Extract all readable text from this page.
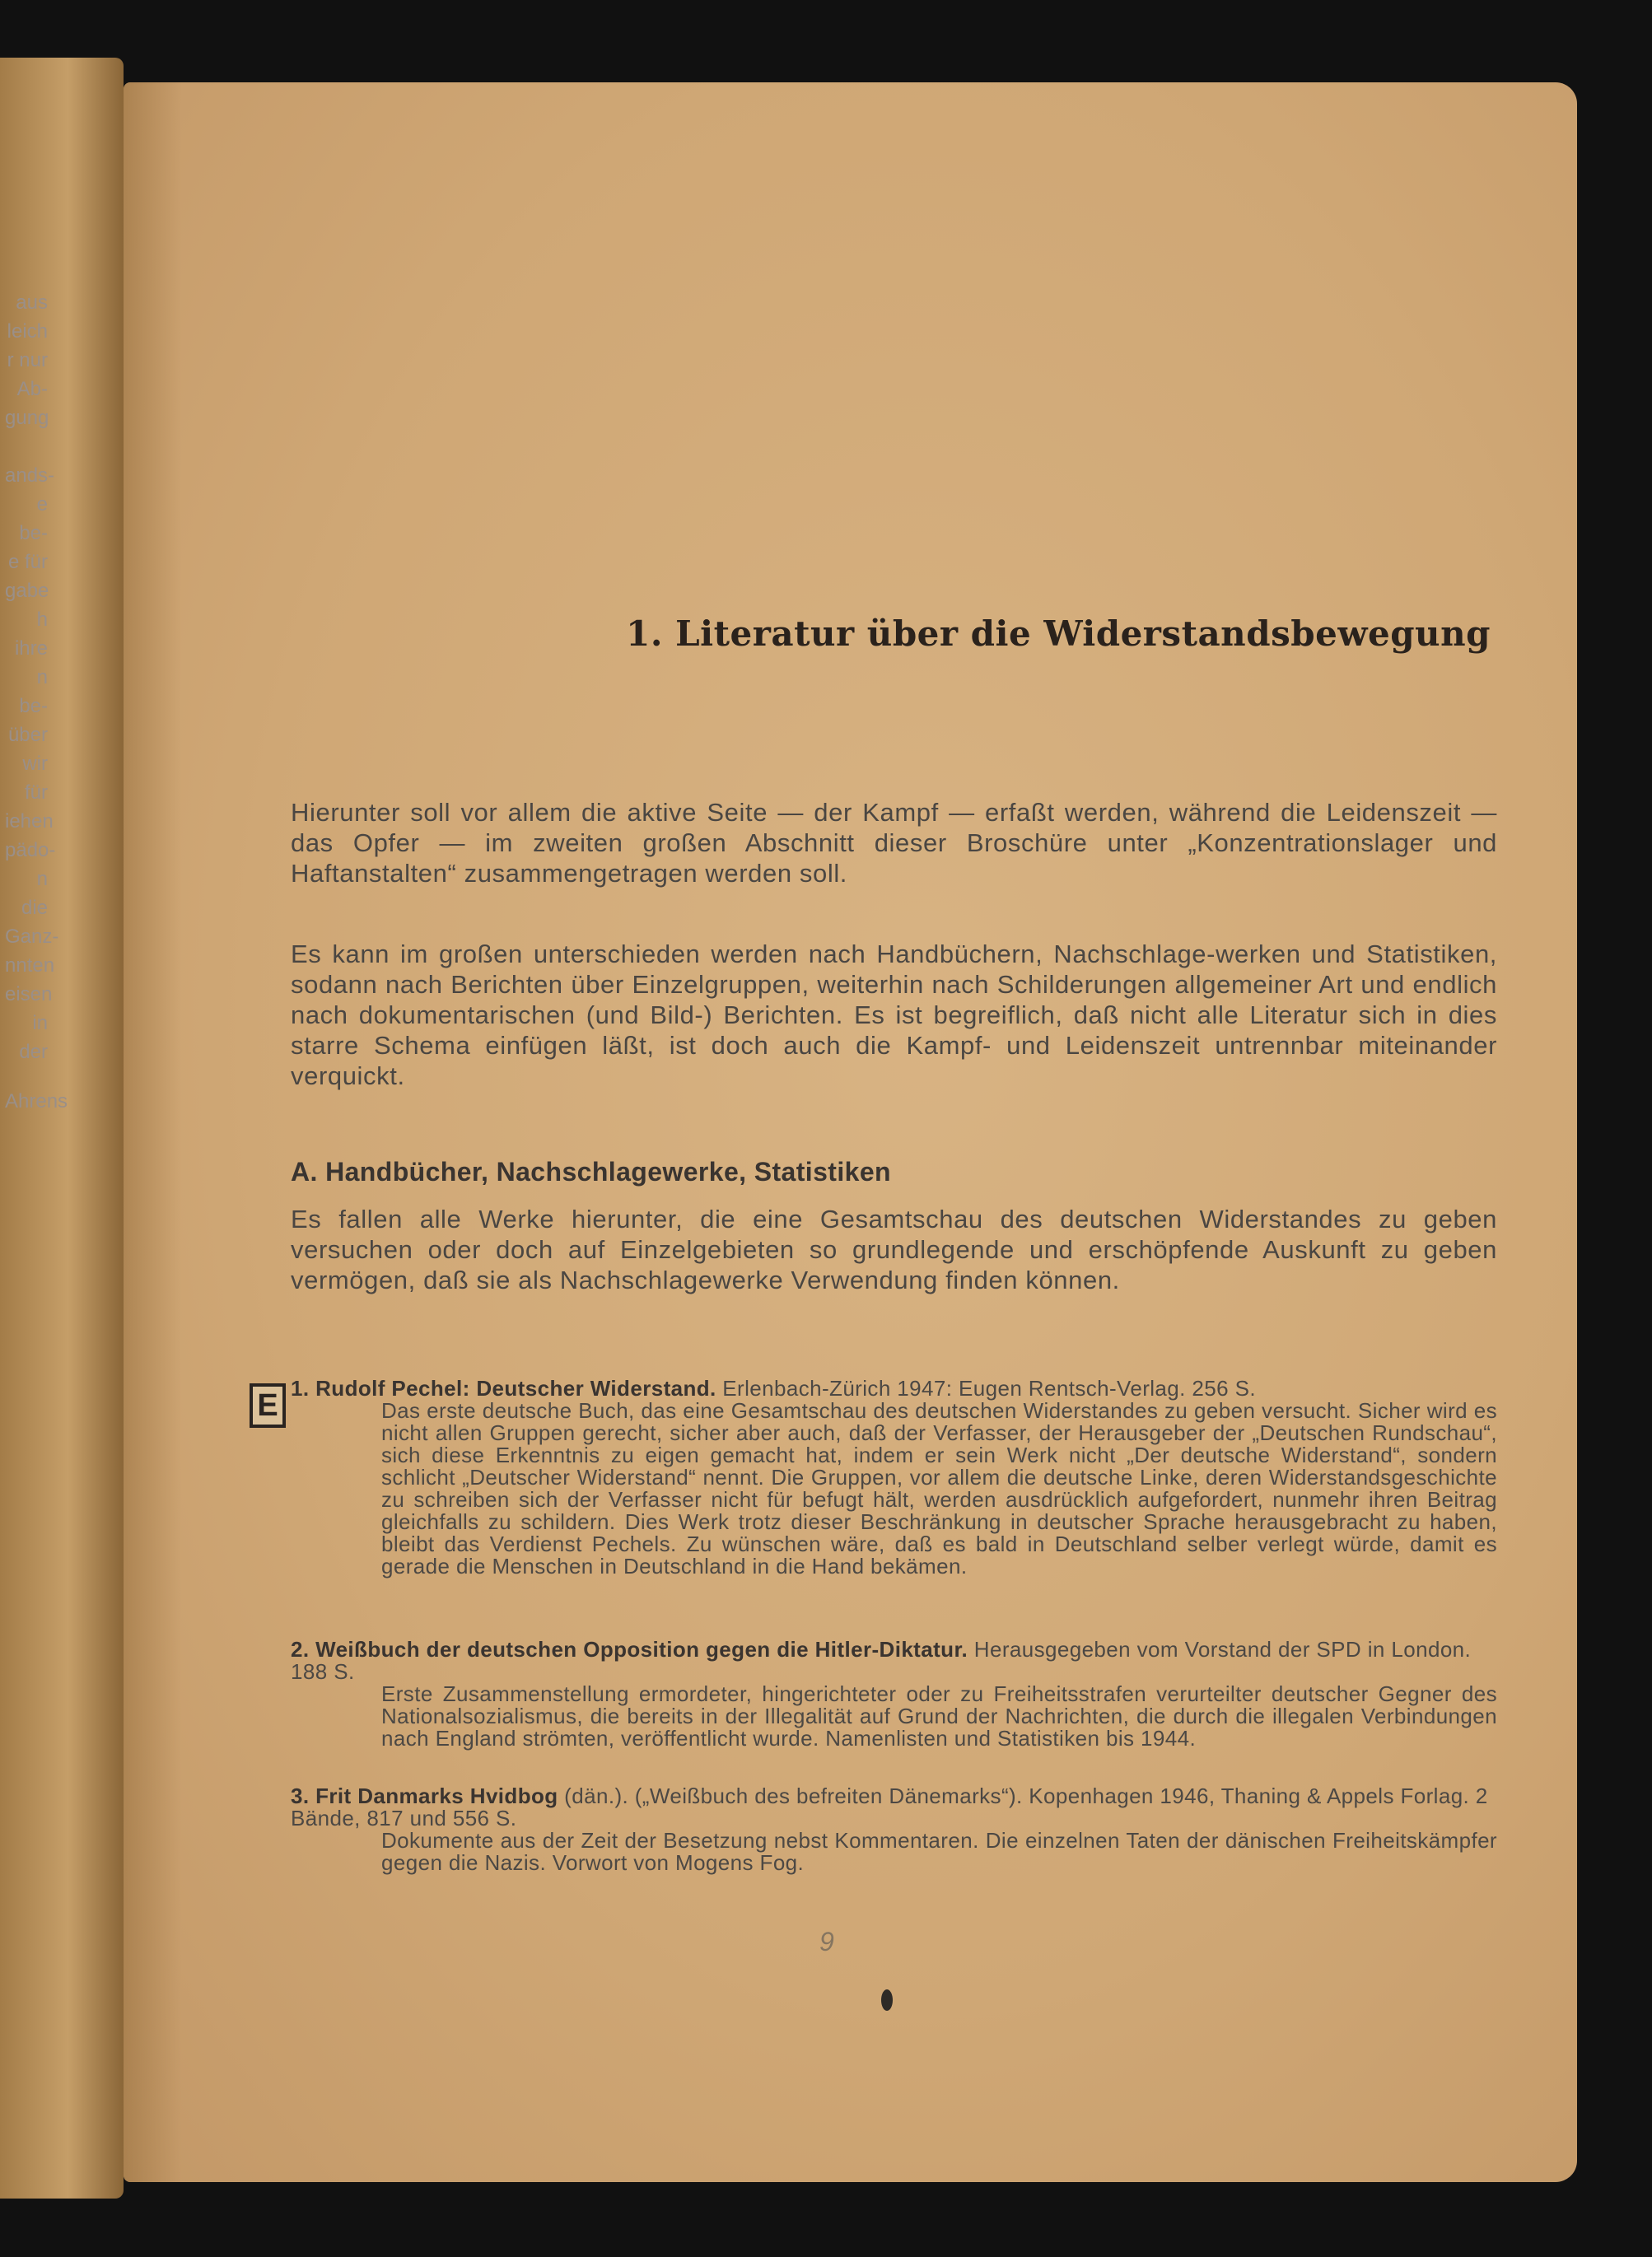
aus
leich
r nur
Ab-
gung

ands-
e be-
e für
gabe
h ihre
n be-
über
wir für
iehen
pädo-
n die
Ganz-
nnten
eisen
in der
Ahrens
1. Literatur über die Widerstandsbewegung
Hierunter soll vor allem die aktive Seite — der Kampf — erfaßt werden, während die Leidenszeit — das Opfer — im zweiten großen Abschnitt dieser Broschüre unter „Konzentrationslager und Haftanstalten“ zusammengetragen werden soll.
Es kann im großen unterschieden werden nach Handbüchern, Nachschlage-werken und Statistiken, sodann nach Berichten über Einzelgruppen, weiterhin nach Schilderungen allgemeiner Art und endlich nach dokumentarischen (und Bild-) Berichten. Es ist begreiflich, daß nicht alle Literatur sich in dies starre Schema einfügen läßt, ist doch auch die Kampf- und Leidenszeit untrennbar miteinander verquickt.
A. Handbücher, Nachschlagewerke, Statistiken
Es fallen alle Werke hierunter, die eine Gesamtschau des deutschen Widerstandes zu geben versuchen oder doch auf Einzelgebieten so grundlegende und erschöpfende Auskunft zu geben vermögen, daß sie als Nachschlagewerke Verwendung finden können.
E 1. Rudolf Pechel: Deutscher Widerstand. Erlenbach-Zürich 1947: Eugen Rentsch-Verlag. 256 S.
Das erste deutsche Buch, das eine Gesamtschau des deutschen Widerstandes zu geben versucht. Sicher wird es nicht allen Gruppen gerecht, sicher aber auch, daß der Verfasser, der Herausgeber der „Deutschen Rundschau“, sich diese Erkenntnis zu eigen gemacht hat, indem er sein Werk nicht „Der deutsche Widerstand“, sondern schlicht „Deutscher Widerstand“ nennt. Die Gruppen, vor allem die deutsche Linke, deren Widerstandsgeschichte zu schreiben sich der Verfasser nicht für befugt hält, werden ausdrücklich aufgefordert, nunmehr ihren Beitrag gleichfalls zu schildern. Dies Werk trotz dieser Beschränkung in deutscher Sprache herausgebracht zu haben, bleibt das Verdienst Pechels. Zu wünschen wäre, daß es bald in Deutschland selber verlegt würde, damit es gerade die Menschen in Deutschland in die Hand bekämen.
2. Weißbuch der deutschen Opposition gegen die Hitler-Diktatur. Herausgegeben vom Vorstand der SPD in London. 188 S.
Erste Zusammenstellung ermordeter, hingerichteter oder zu Freiheitsstrafen verurteilter deutscher Gegner des Nationalsozialismus, die bereits in der Illegalität auf Grund der Nachrichten, die durch die illegalen Verbindungen nach England strömten, veröffentlicht wurde. Namenlisten und Statistiken bis 1944.
3. Frit Danmarks Hvidbog (dän.). („Weißbuch des befreiten Dänemarks“). Kopenhagen 1946, Thaning & Appels Forlag. 2 Bände, 817 und 556 S.
Dokumente aus der Zeit der Besetzung nebst Kommentaren. Die einzelnen Taten der dänischen Freiheitskämpfer gegen die Nazis. Vorwort von Mogens Fog.
9
